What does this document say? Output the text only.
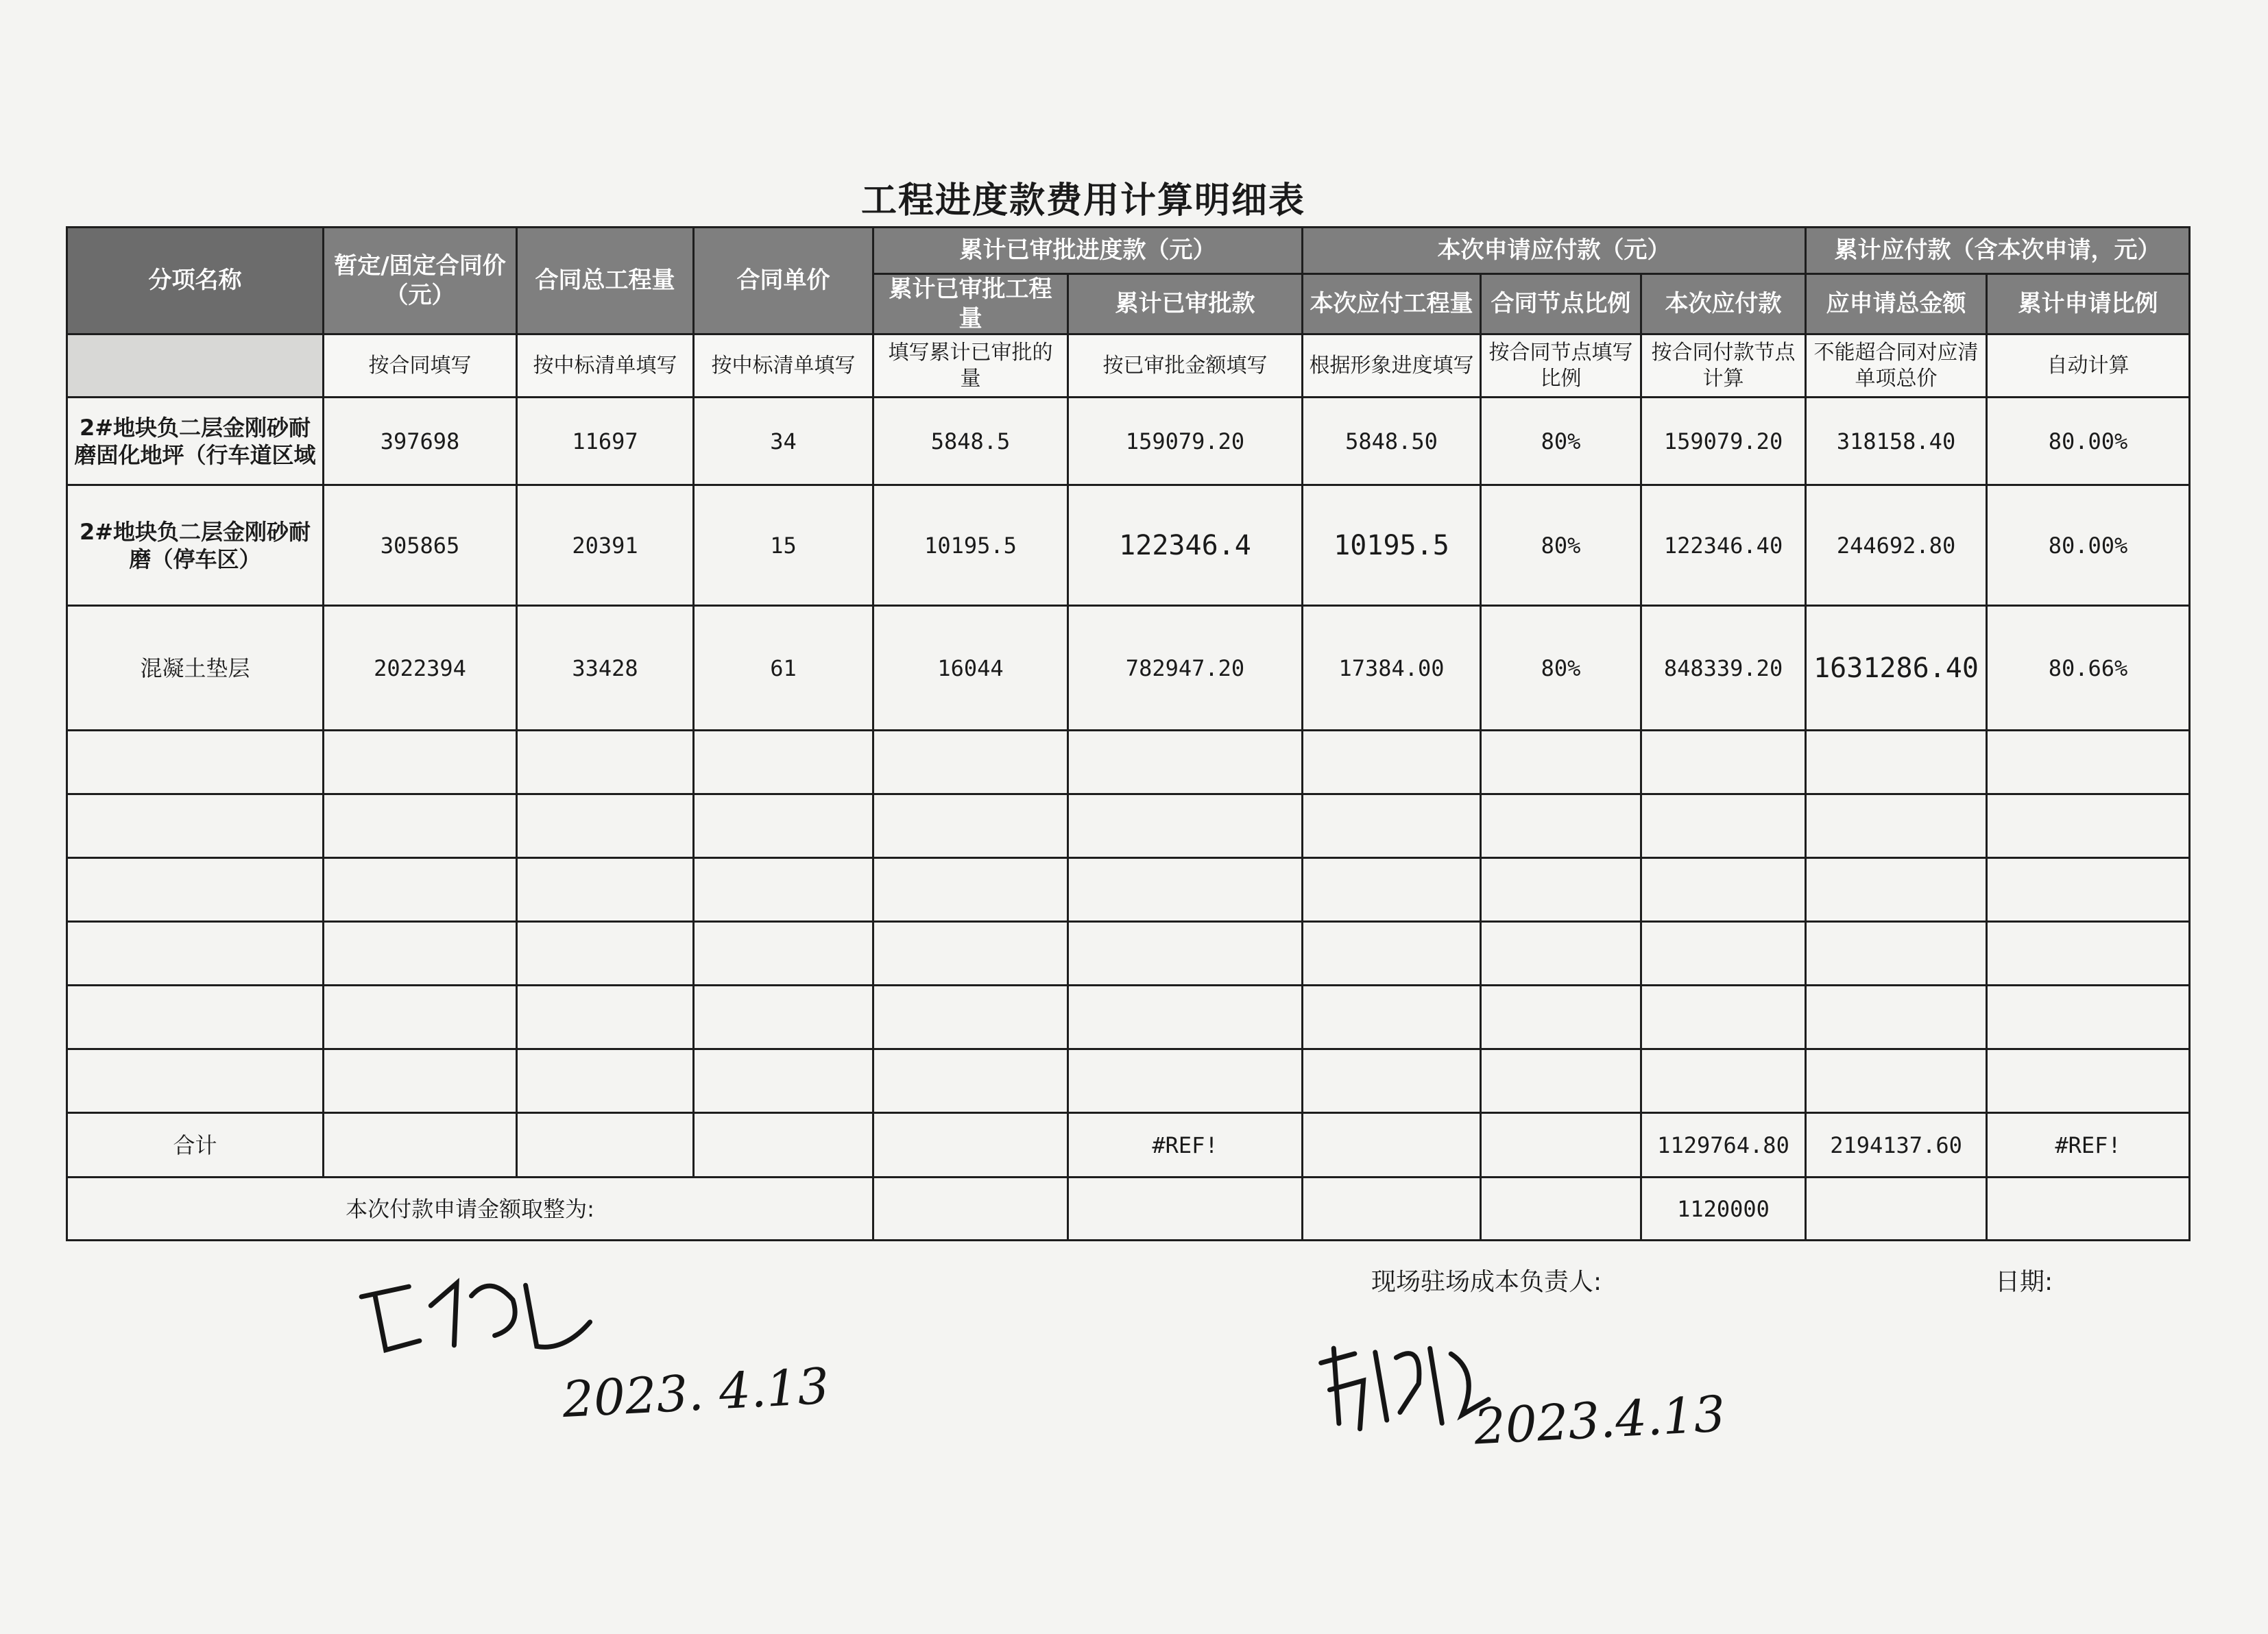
工程进度款费用计算明细表
分项名称	暂定/固定合同价（元）	合同总工程量	合同单价	累计已审批进度款（元）		本次申请应付款（元）			累计应付款（含本次申请，元）	
				累计已审批工程量	累计已审批款	本次应付工程量	合同节点比例	本次应付款	应申请总金额	累计申请比例
	按合同填写	按中标清单填写	按中标清单填写	填写累计已审批的量	按已审批金额填写	根据形象进度填写	按合同节点填写比例	按合同付款节点计算	不能超合同对应清单项总价	自动计算
2#地块负二层金刚砂耐磨固化地坪（行车道区域	397698	11697	34	5848.5	159079.20	5848.50	80%	159079.20	318158.40	80.00%
2#地块负二层金刚砂耐磨（停车区）	305865	20391	15	10195.5	122346.4	10195.5	80%	122346.40	244692.80	80.00%
混凝土垫层	2022394	33428	61	16044	782947.20	17384.00	80%	848339.20	1631286.40	80.66%

合计					#REF!			1129764.80	2194137.60	#REF!
本次付款申请金额取整为:								1120000		
现场驻场成本负责人:	日期:
2023. 4.13	2023.4.13
